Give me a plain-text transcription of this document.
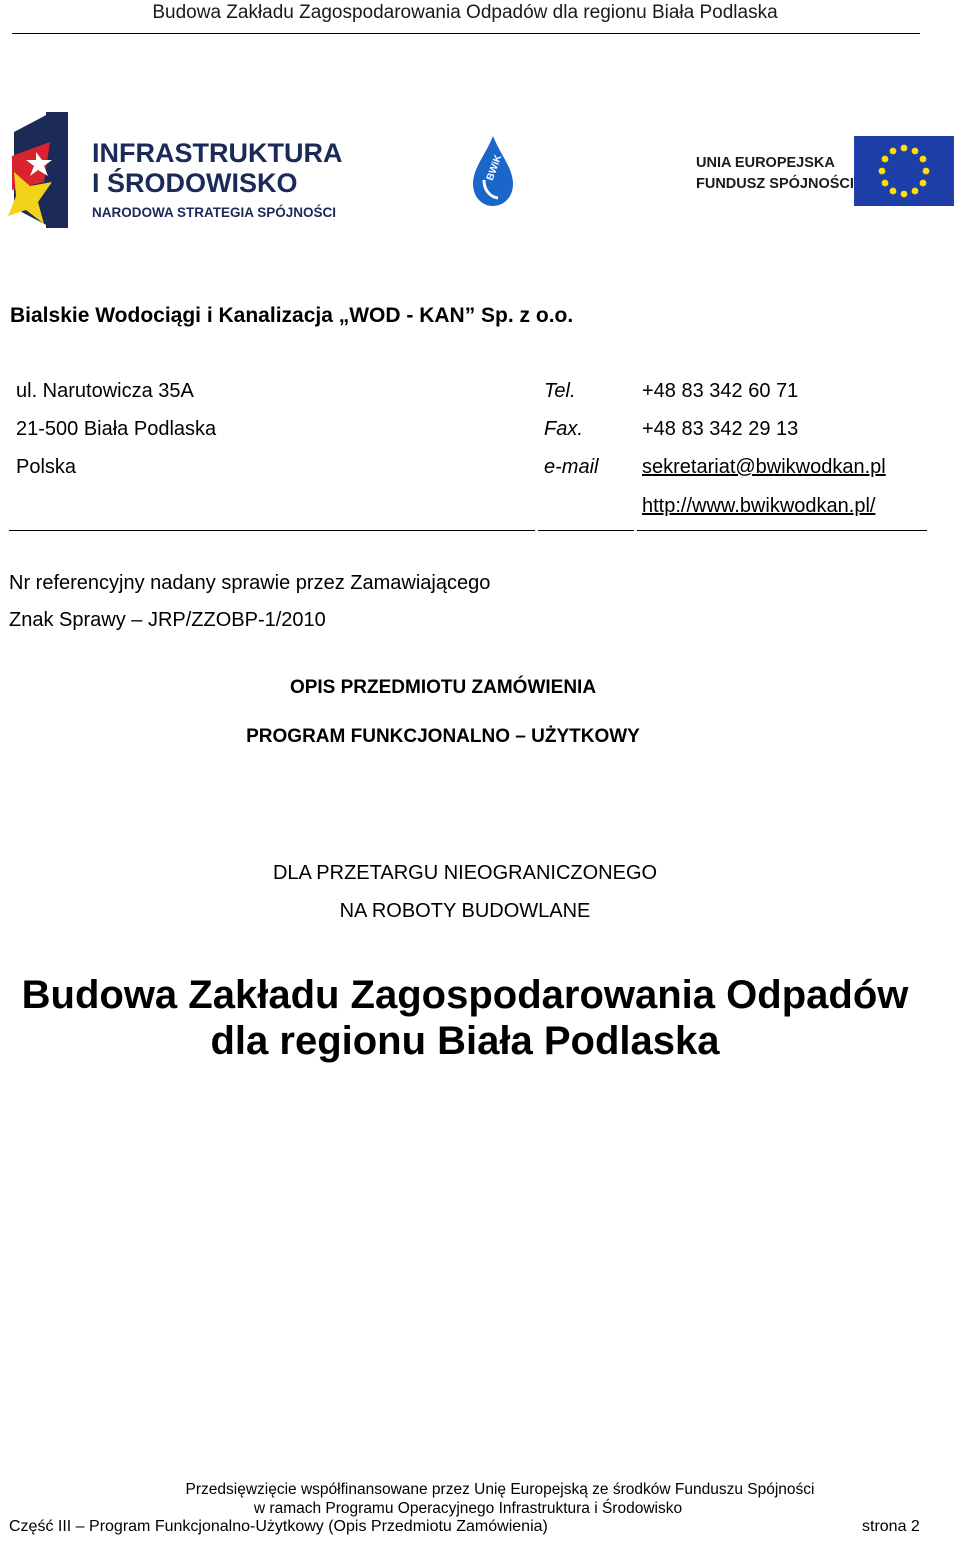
Budowa Zakładu Zagospodarowania Odpadów dla regionu Biała Podlaska
INFRASTRUKTURA
I ŚRODOWISKO
NARODOWA STRATEGIA SPÓJNOŚCI
BWiK	UNIA EUROPEJSKA
FUNDUSZ SPÓJNOŚCI
Bialskie Wodociągi i Kanalizacja „WOD - KAN” Sp. z o.o.
ul. Narutowicza 35A
21-500 Biała Podlaska
Polska
Tel.
Fax.
e-mail
+48 83 342 60 71
+48 83 342 29 13
sekretariat@bwikwodkan.pl
http://www.bwikwodkan.pl/
Nr referencyjny nadany sprawie przez Zamawiającego
Znak Sprawy – JRP/ZZOBP-1/2010
OPIS PRZEDMIOTU ZAMÓWIENIA
PROGRAM FUNKCJONALNO – UŻYTKOWY
DLA PRZETARGU NIEOGRANICZONEGO
NA ROBOTY BUDOWLANE
Budowa Zakładu Zagospodarowania Odpadów
dla regionu Biała Podlaska
Przedsięwzięcie współfinansowane przez Unię Europejską ze środków Funduszu Spójności
w ramach Programu Operacyjnego Infrastruktura i Środowisko
Część III – Program Funkcjonalno-Użytkowy (Opis Przedmiotu Zamówienia)	strona 2
